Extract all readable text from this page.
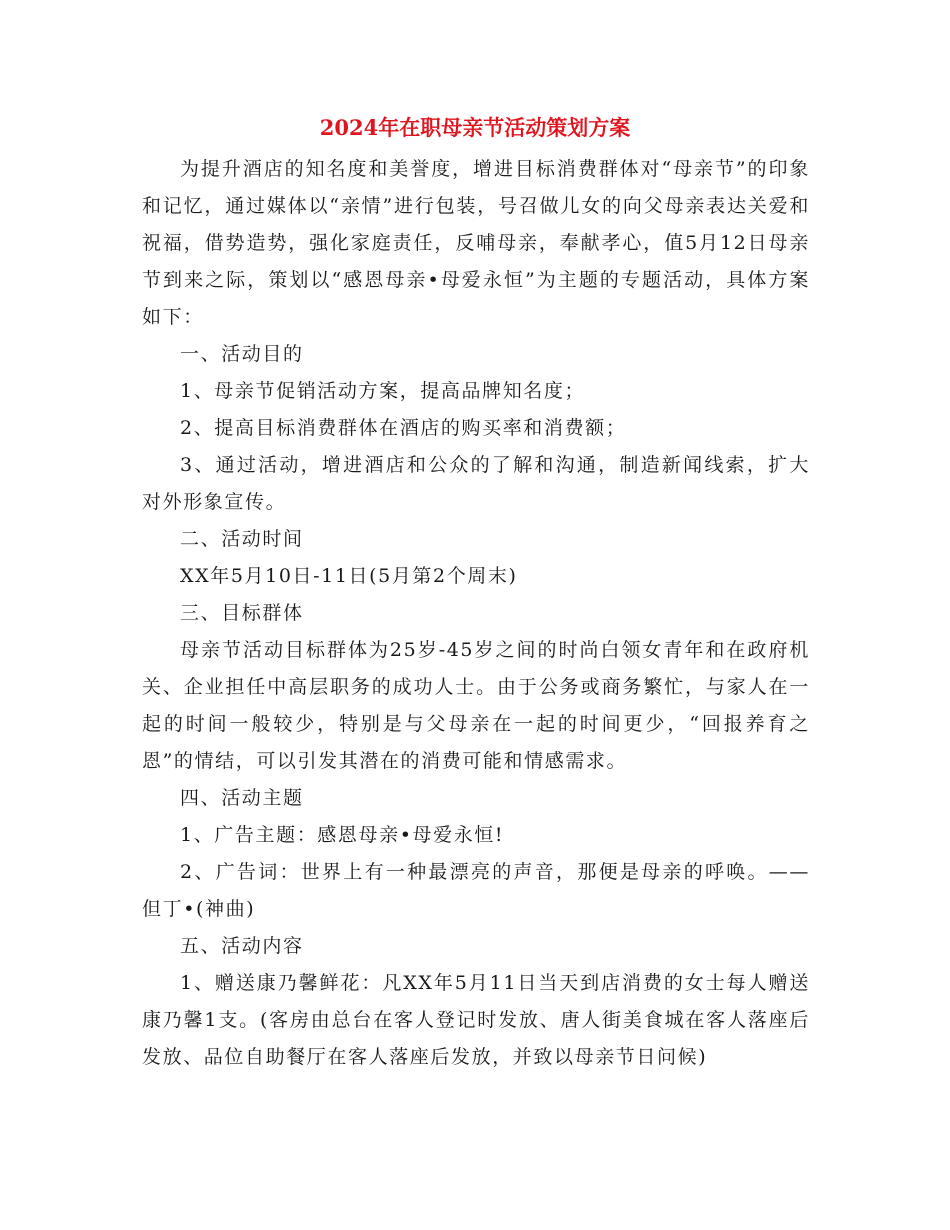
2024年在职母亲节活动策划方案

为提升酒店的知名度和美誉度，增进目标消费群体对“母亲节”的印象和记忆，通过媒体以“亲情”进行包装，号召做儿女的向父母亲表达关爱和祝福，借势造势，强化家庭责任，反哺母亲，奉献孝心，值5月12日母亲节到来之际，策划以“感恩母亲•母爱永恒”为主题的专题活动，具体方案如下：

一、活动目的

1、母亲节促销活动方案，提高品牌知名度；

2、提高目标消费群体在酒店的购买率和消费额；

3、通过活动，增进酒店和公众的了解和沟通，制造新闻线索，扩大对外形象宣传。

二、活动时间

XX年5月10日-11日(5月第2个周末)

三、目标群体

母亲节活动目标群体为25岁-45岁之间的时尚白领女青年和在政府机关、企业担任中高层职务的成功人士。由于公务或商务繁忙，与家人在一起的时间一般较少，特别是与父母亲在一起的时间更少，“回报养育之恩”的情结，可以引发其潜在的消费可能和情感需求。

四、活动主题

1、广告主题：感恩母亲•母爱永恒!

2、广告词：世界上有一种最漂亮的声音，那便是母亲的呼唤。——但丁•(神曲)

五、活动内容

1、赠送康乃馨鲜花：凡XX年5月11日当天到店消费的女士每人赠送康乃馨1支。(客房由总台在客人登记时发放、唐人街美食城在客人落座后发放、品位自助餐厅在客人落座后发放，并致以母亲节日问候)
